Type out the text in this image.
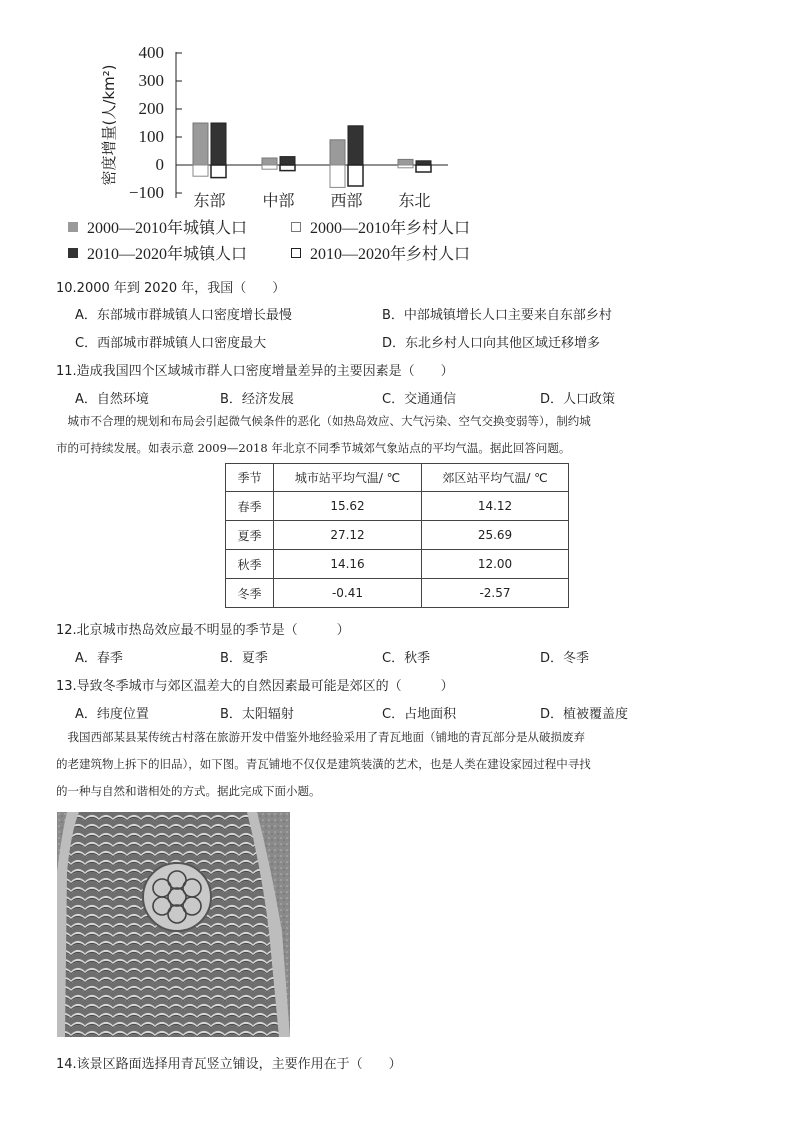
400
300
200
100
0
−100 东部 中部 西部 东北
密度增量(人/km²)
2000—2010年城镇人口	2000—2010年乡村人口
2010—2020年城镇人口	2010—2020年乡村人口
10.2000 年到 2020 年，我国（　　）
A．东部城市群城镇人口密度增长最慢	B．中部城镇增长人口主要来自东部乡村
C．西部城市群城镇人口密度最大	D．东北乡村人口向其他区域迁移增多
11.造成我国四个区域城市群人口密度增量差异的主要因素是（　　）
A．自然环境	B．经济发展	C．交通通信	D．人口政策
　城市不合理的规划和布局会引起微气候条件的恶化（如热岛效应、大气污染、空气交换变弱等），制约城
市的可持续发展。如表示意 2009—2018 年北京不同季节城郊气象站点的平均气温。据此回答问题。
季节	城市站平均气温/ ℃	郊区站平均气温/ ℃
春季	15.62	14.12
夏季	27.12	25.69
秋季	14.16	12.00
冬季	-0.41	-2.57
12.北京城市热岛效应最不明显的季节是（　　　）
A．春季	B．夏季	C．秋季	D．冬季
13.导致冬季城市与郊区温差大的自然因素最可能是郊区的（　　　）
A．纬度位置	B．太阳辐射	C．占地面积	D．植被覆盖度
　我国西部某县某传统古村落在旅游开发中借鉴外地经验采用了青瓦地面（铺地的青瓦部分是从破损废弃
的老建筑物上拆下的旧品），如下图。青瓦铺地不仅仅是建筑装潢的艺术，也是人类在建设家园过程中寻找
的一种与自然和谐相处的方式。据此完成下面小题。
14.该景区路面选择用青瓦竖立铺设，主要作用在于（　　）
